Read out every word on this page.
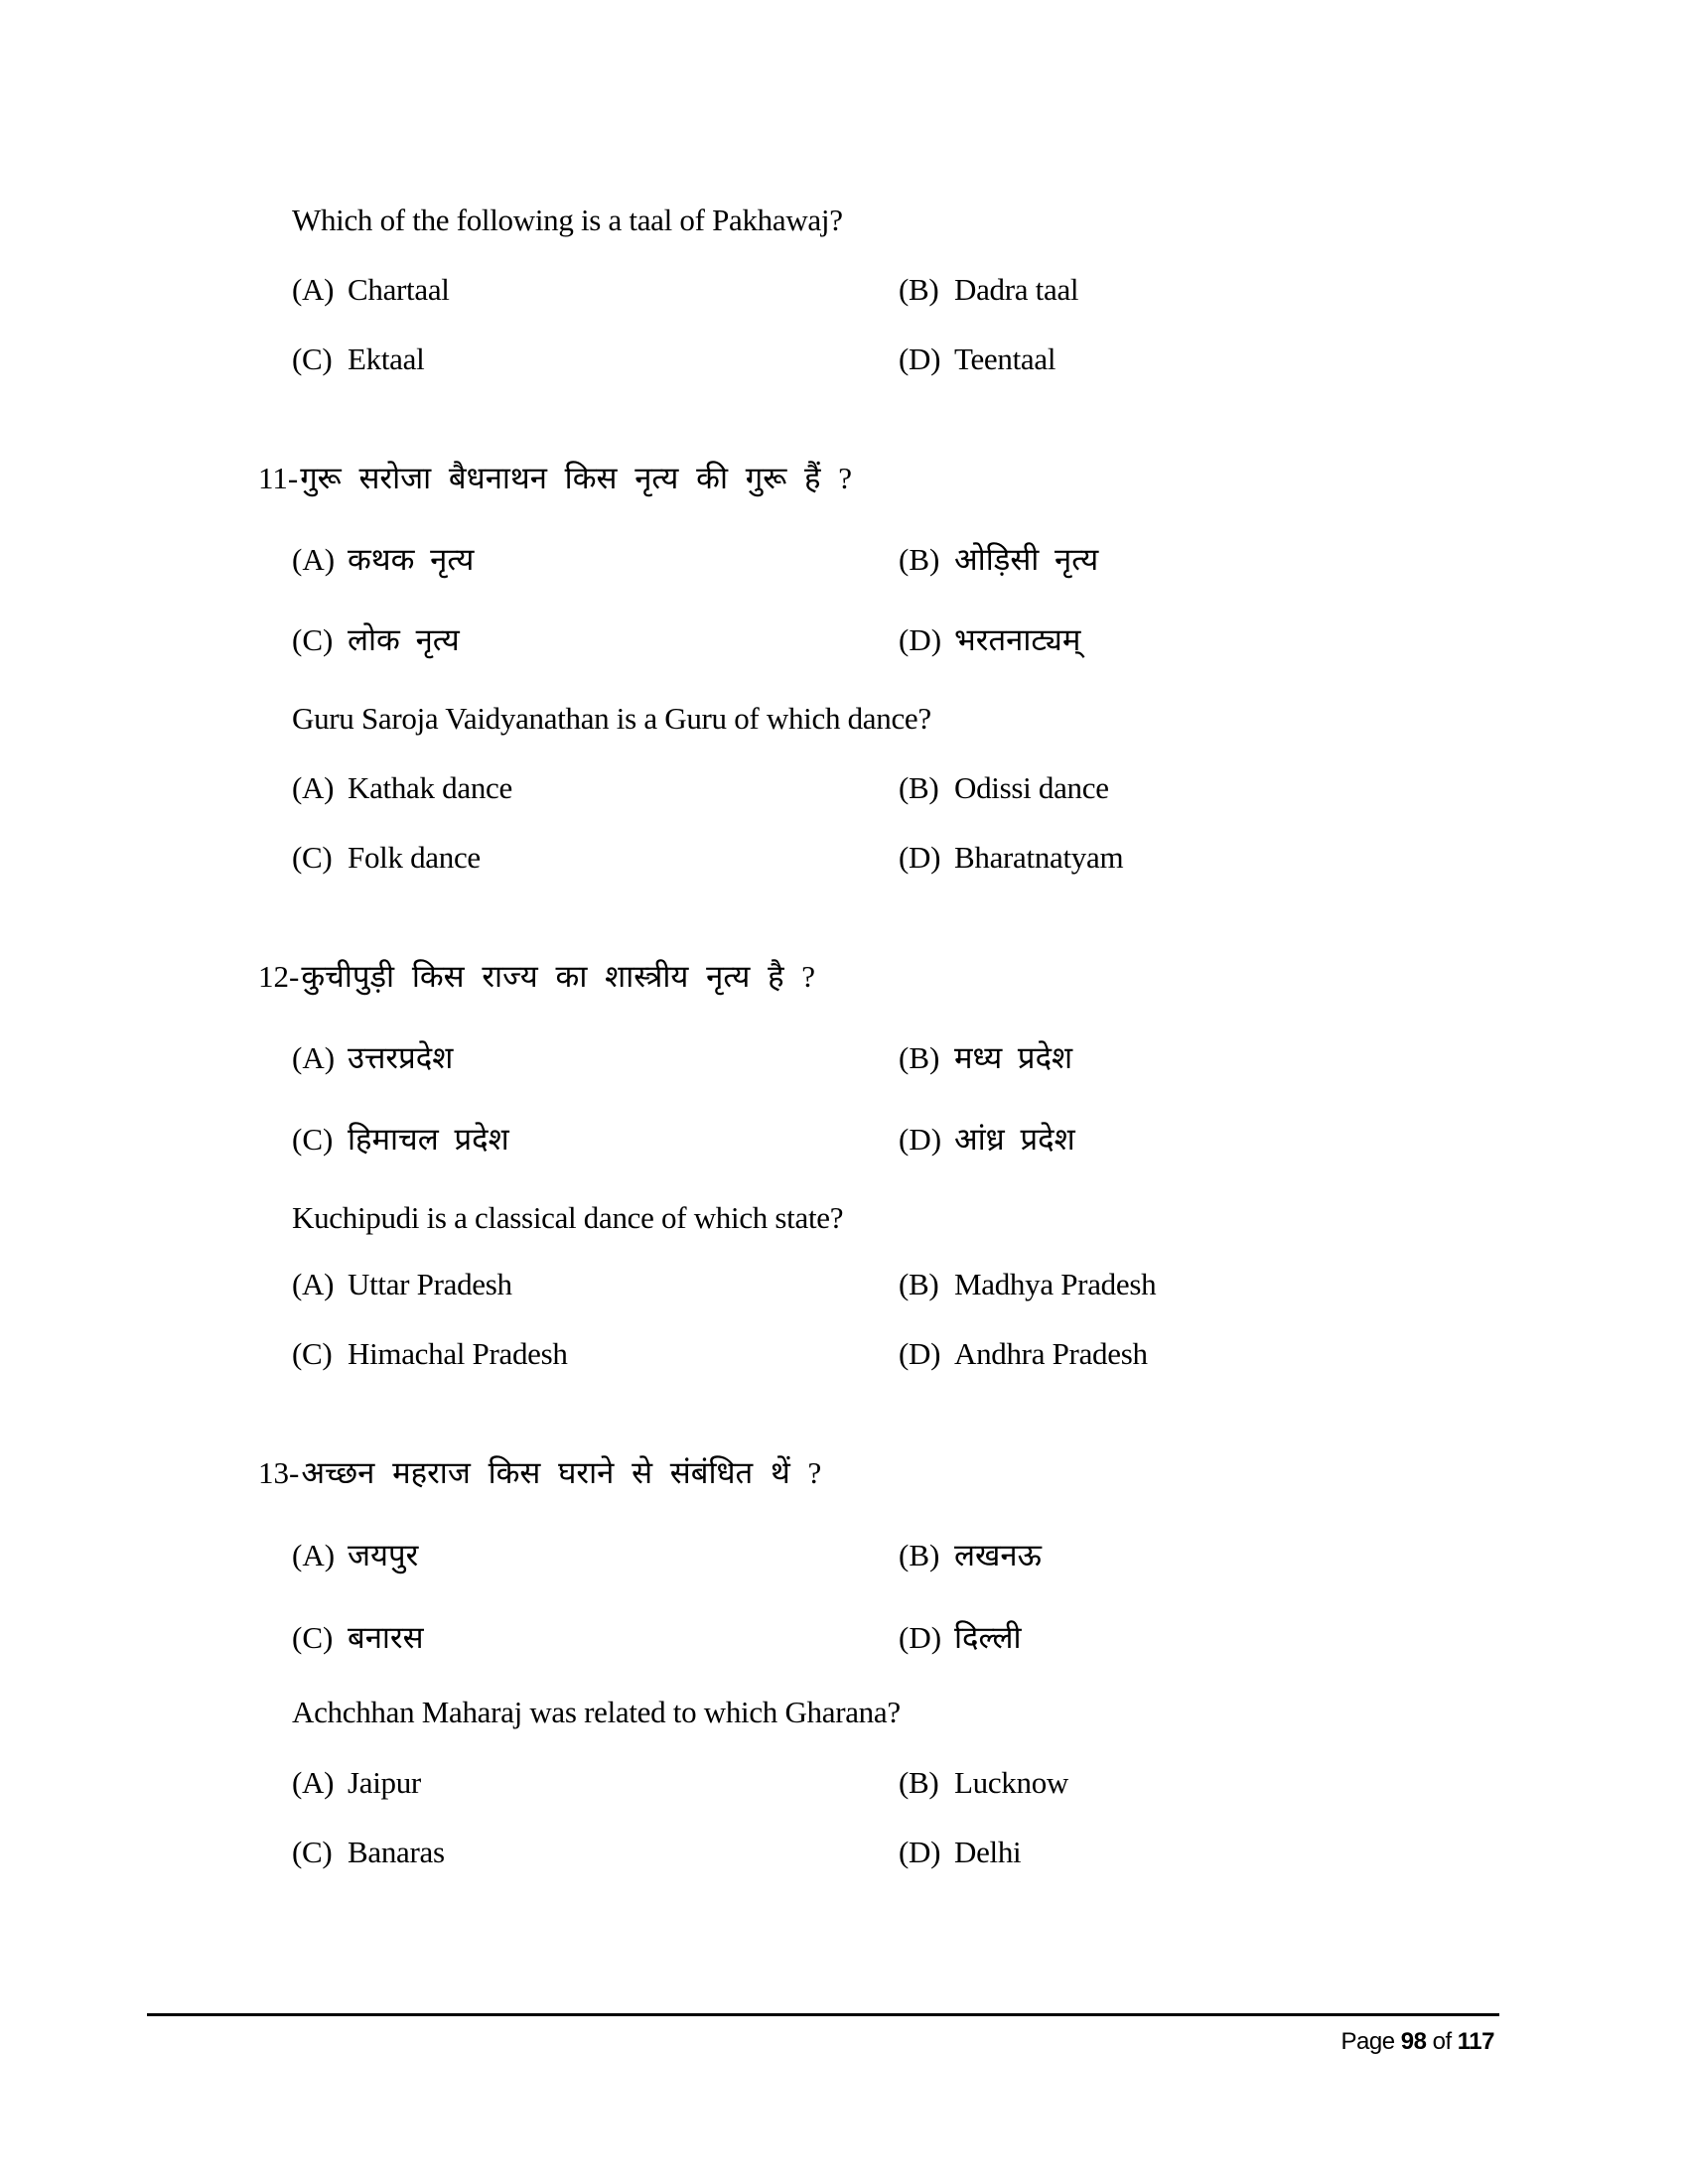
Which of the following is a taal of Pakhawaj?
(A) Chartaal	(B) Dadra taal
(C) Ektaal	(D) Teentaal
11-गुरू सरोजा बैधनाथन किस नृत्य की गुरू हैं ?
(A) कथक नृत्य	(B) ओड़िसी नृत्य
(C) लोक नृत्य	(D) भरतनाट्यम्
Guru Saroja Vaidyanathan is a Guru of which dance?
(A) Kathak dance	(B) Odissi dance
(C) Folk dance	(D) Bharatnatyam
12-कुचीपुड़ी किस राज्य का शास्त्रीय नृत्य है ?
(A) उत्तरप्रदेश	(B) मध्य प्रदेश
(C) हिमाचल प्रदेश	(D) आंध्र प्रदेश
Kuchipudi is a classical dance of which state?
(A) Uttar Pradesh	(B) Madhya Pradesh
(C) Himachal Pradesh	(D) Andhra Pradesh
13-अच्छन महराज किस घराने से संबंधित थें ?
(A) जयपुर	(B) लखनऊ
(C) बनारस	(D) दिल्ली
Achchhan Maharaj was related to which Gharana?
(A) Jaipur	(B) Lucknow
(C) Banaras	(D) Delhi
Page 98 of 117
